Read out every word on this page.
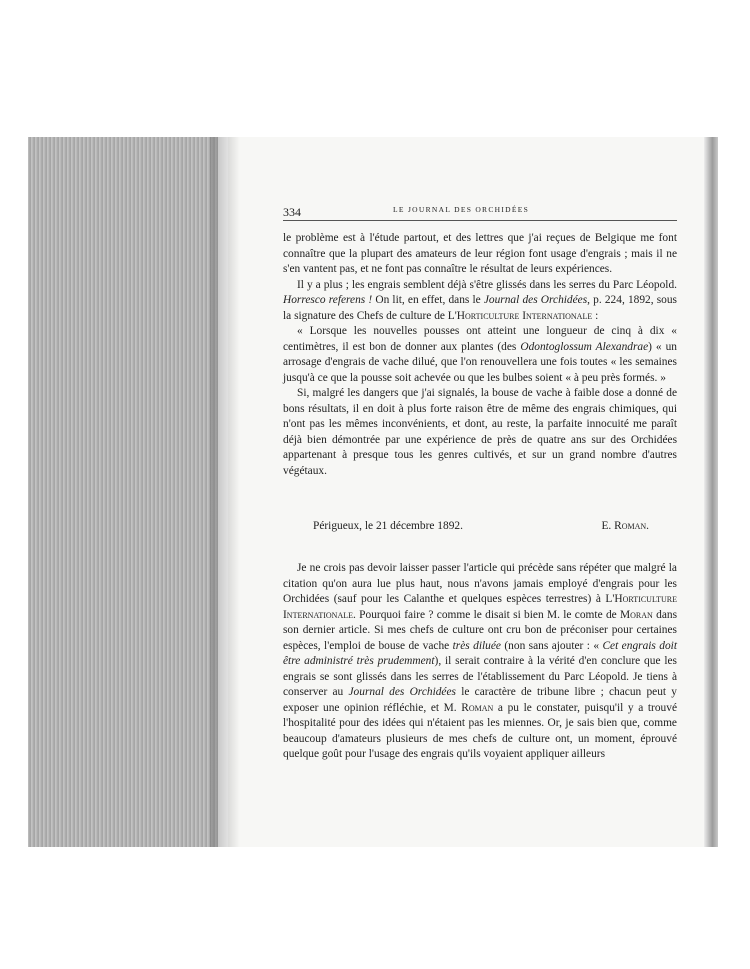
334	LE JOURNAL DES ORCHIDÉES

le problème est à l'étude partout, et des lettres que j'ai reçues de Belgique me font connaître que la plupart des amateurs de leur région font usage d'engrais ; mais il ne s'en vantent pas, et ne font pas connaître le résultat de leurs expériences.

Il y a plus ; les engrais semblent déjà s'être glissés dans les serres du Parc Léopold. Horresco referens ! On lit, en effet, dans le Journal des Orchidées, p. 224, 1892, sous la signature des Chefs de culture de L'Horticulture Internationale :

« Lorsque les nouvelles pousses ont atteint une longueur de cinq à dix « centimètres, il est bon de donner aux plantes (des Odontoglossum Alexandrae) « un arrosage d'engrais de vache dilué, que l'on renouvellera une fois toutes « les semaines jusqu'à ce que la pousse soit achevée ou que les bulbes soient « à peu près formés. »

Si, malgré les dangers que j'ai signalés, la bouse de vache à faible dose a donné de bons résultats, il en doit à plus forte raison être de même des engrais chimiques, qui n'ont pas les mêmes inconvénients, et dont, au reste, la parfaite innocuité me paraît déjà bien démontrée par une expérience de près de quatre ans sur des Orchidées appartenant à presque tous les genres cultivés, et sur un grand nombre d'autres végétaux.

Périgueux, le 21 décembre 1892.	E. Roman.

Je ne crois pas devoir laisser passer l'article qui précède sans répéter que malgré la citation qu'on aura lue plus haut, nous n'avons jamais employé d'engrais pour les Orchidées (sauf pour les Calanthe et quelques espèces terrestres) à L'Horticulture Internationale. Pourquoi faire ? comme le disait si bien M. le comte de Moran dans son dernier article. Si mes chefs de culture ont cru bon de préconiser pour certaines espèces, l'emploi de bouse de vache très diluée (non sans ajouter : « Cet engrais doit être administré très prudemment), il serait contraire à la vérité d'en conclure que les engrais se sont glissés dans les serres de l'établissement du Parc Léopold. Je tiens à conserver au Journal des Orchidées le caractère de tribune libre ; chacun peut y exposer une opinion réfléchie, et M. Roman a pu le constater, puisqu'il y a trouvé l'hospitalité pour des idées qui n'étaient pas les miennes. Or, je sais bien que, comme beaucoup d'amateurs plusieurs de mes chefs de culture ont, un moment, éprouvé quelque goût pour l'usage des engrais qu'ils voyaient appliquer ailleurs
